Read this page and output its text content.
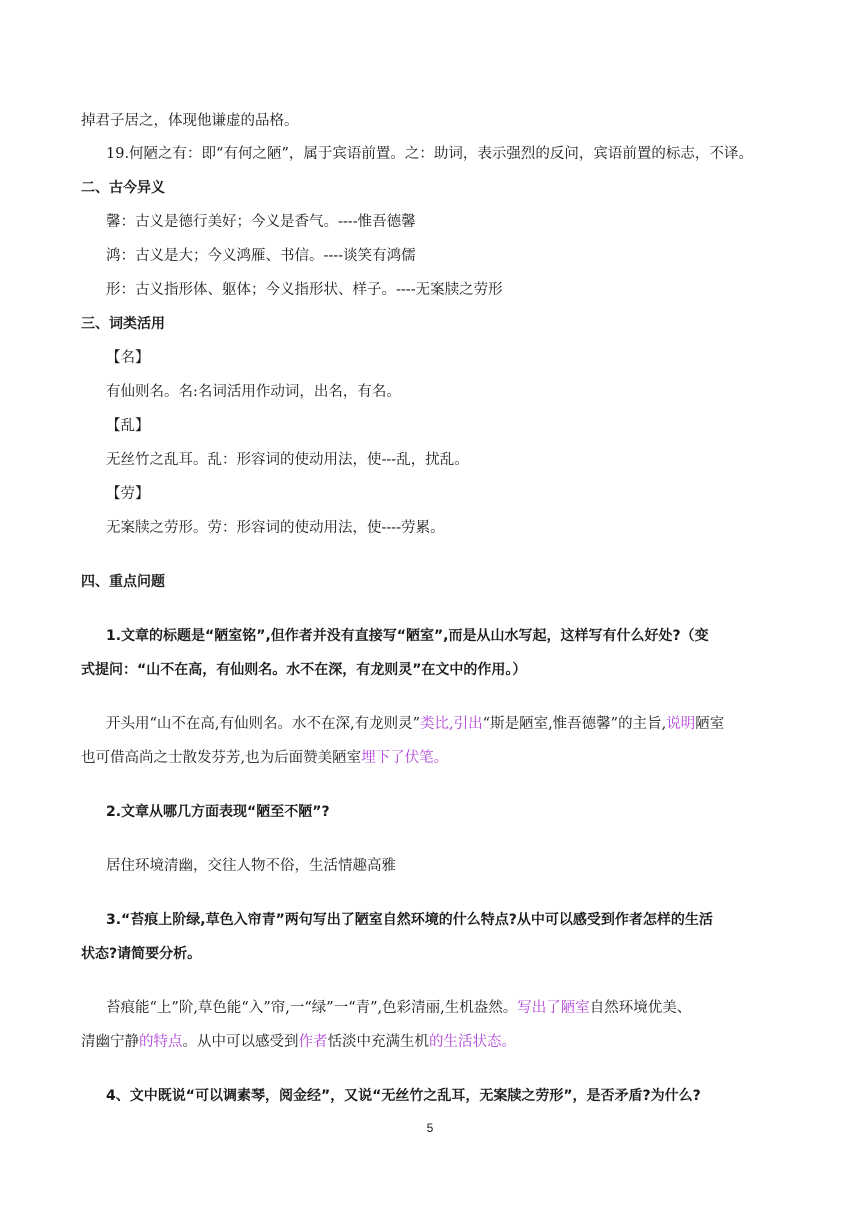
掉君子居之，体现他谦虚的品格。
19.何陋之有：即“有何之陋”，属于宾语前置。之：助词，表示强烈的反问，宾语前置的标志，不译。
二、古今异义
馨：古义是德行美好；今义是香气。----惟吾德馨
鸿：古义是大；今义鸿雁、书信。----谈笑有鸿儒
形：古义指形体、躯体；今义指形状、样子。----无案牍之劳形
三、词类活用
【名】
有仙则名。名:名词活用作动词，出名，有名。
【乱】
无丝竹之乱耳。乱：形容词的使动用法，使---乱，扰乱。
【劳】
无案牍之劳形。劳：形容词的使动用法，使----劳累。
四、重点问题
1.文章的标题是“陋室铭”,但作者并没有直接写“陋室”,而是从山水写起，这样写有什么好处?（变
式提问：“山不在高，有仙则名。水不在深，有龙则灵”在文中的作用。）
开头用“山不在高,有仙则名。水不在深,有龙则灵”类比,引出“斯是陋室,惟吾德馨”的主旨,说明陋室
也可借高尚之士散发芬芳,也为后面赞美陋室埋下了伏笔。
2.文章从哪几方面表现“陋至不陋”?
居住环境清幽，交往人物不俗，生活情趣高雅
3.“苔痕上阶绿,草色入帘青”两句写出了陋室自然环境的什么特点?从中可以感受到作者怎样的生活
状态?请简要分析。
苔痕能“上”阶,草色能“入”帘,一“绿”一“青”,色彩清丽,生机盎然。写出了陋室自然环境优美、
清幽宁静的特点。从中可以感受到作者恬淡中充满生机的生活状态。
4、文中既说“可以调素琴，阅金经”，又说“无丝竹之乱耳，无案牍之劳形”，是否矛盾?为什么?
5
